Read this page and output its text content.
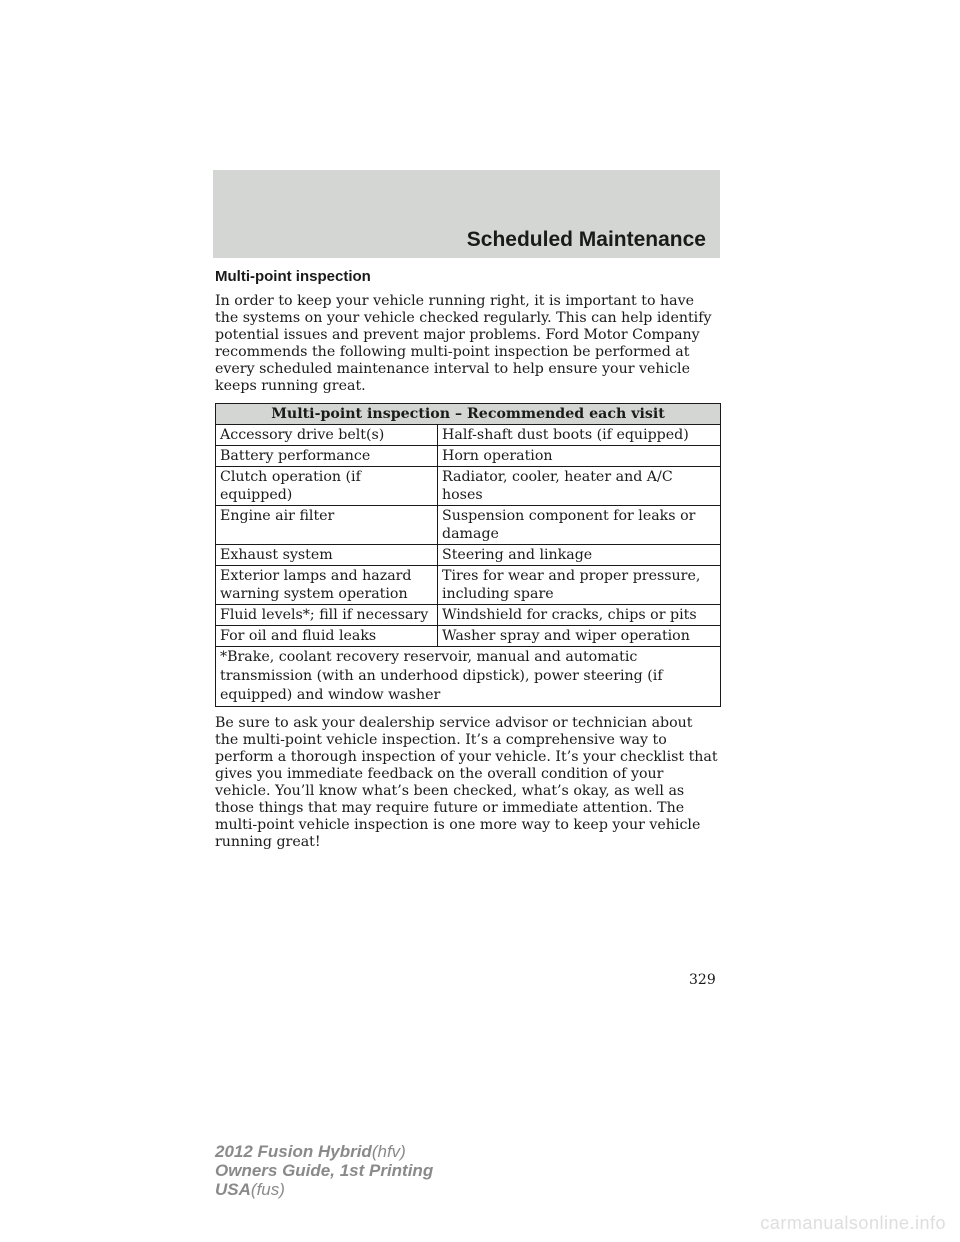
Scheduled Maintenance
Multi-point inspection

In order to keep your vehicle running right, it is important to have the systems on your vehicle checked regularly. This can help identify potential issues and prevent major problems. Ford Motor Company recommends the following multi-point inspection be performed at every scheduled maintenance interval to help ensure your vehicle keeps running great.

Multi-point inspection – Recommended each visit	
Accessory drive belt(s)	Half-shaft dust boots (if equipped)
Battery performance	Horn operation
Clutch operation (if equipped)	Radiator, cooler, heater and A/C hoses
Engine air filter	Suspension component for leaks or damage
Exhaust system	Steering and linkage
Exterior lamps and hazard warning system operation	Tires for wear and proper pressure, including spare
Fluid levels*; fill if necessary	Windshield for cracks, chips or pits
For oil and fluid leaks	Washer spray and wiper operation
*Brake, coolant recovery reservoir, manual and automatic transmission (with an underhood dipstick), power steering (if equipped) and window washer	

Be sure to ask your dealership service advisor or technician about the multi-point vehicle inspection. It’s a comprehensive way to perform a thorough inspection of your vehicle. It’s your checklist that gives you immediate feedback on the overall condition of your vehicle. You’ll know what’s been checked, what’s okay, as well as those things that may require future or immediate attention. The multi-point vehicle inspection is one more way to keep your vehicle running great!

329
2012 Fusion Hybrid(hfv)
Owners Guide, 1st Printing
USA(fus)
carmanualsonline.info
